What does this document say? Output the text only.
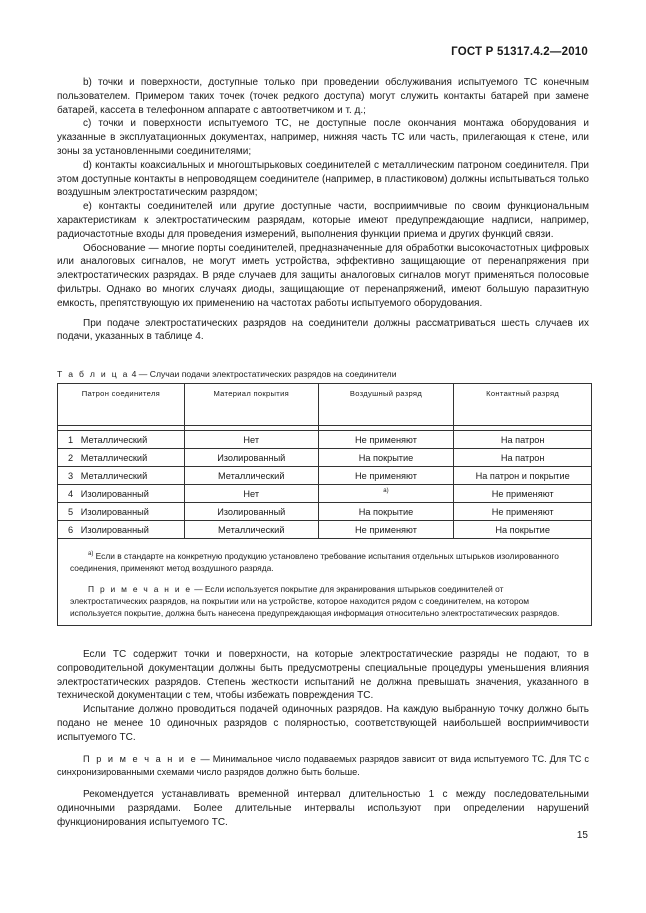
ГОСТ Р 51317.4.2—2010

b) точки и поверхности, доступные только при проведении обслуживания испытуемого ТС конечным пользователем. Примером таких точек (точек редкого доступа) могут служить контакты батарей при замене батарей, кассета в телефонном аппарате с автоответчиком и т. д.;

c) точки и поверхности испытуемого ТС, не доступные после окончания монтажа оборудования и указанные в эксплуатационных документах, например, нижняя часть ТС или часть, прилегающая к стене, или зоны за установленными соединителями;

d) контакты коаксиальных и многоштырьковых соединителей с металлическим патроном соединителя. При этом доступные контакты в непроводящем соединителе (например, в пластиковом) должны испытываться только воздушным электростатическим разрядом;

e) контакты соединителей или другие доступные части, восприимчивые по своим функциональным характеристикам к электростатическим разрядам, которые имеют предупреждающие надписи, например, радиочастотные входы для проведения измерений, выполнения функции приема и других функций связи.

Обоснование — многие порты соединителей, предназначенные для обработки высокочастотных цифровых или аналоговых сигналов, не могут иметь устройства, эффективно защищающие от перенапряжения при электростатических разрядах. В ряде случаев для защиты аналоговых сигналов могут применяться полосовые фильтры. Однако во многих случаях диоды, защищающие от перенапряжений, имеют большую паразитную емкость, препятствующую их применению на частотах работы испытуемого оборудования.

При подаче электростатических разрядов на соединители должны рассматриваться шесть случаев их подачи, указанных в таблице 4.

Т а б л и ц а 4 — Случаи подачи электростатических разрядов на соединители
Патрон соединителя	Материал покрытия	Воздушный разряд	Контактный разряд

1 Металлический	Нет	Не применяют	На патрон
2 Металлический	Изолированный	На покрытие	На патрон
3 Металлический	Металлический	Не применяют	На патрон и покрытие
4 Изолированный	Нет	$^{а)}$	Не применяют
5 Изолированный	Изолированный	На покрытие	Не применяют
6 Изолированный	Металлический	Не применяют	На покрытие

$^{а)}$ Если в стандарте на конкретную продукцию установлено требование испытания отдельных штырьков изолированного соединения, применяют метод воздушного разряда.

П р и м е ч а н и е — Если используется покрытие для экранирования штырьков соединителей от электростатических разрядов, на покрытии или на устройстве, которое находится рядом с соединителем, на котором используется покрытие, должна быть нанесена предупреждающая информация относительно электростатических разрядов.			

Если ТС содержит точки и поверхности, на которые электростатические разряды не подают, то в сопроводительной документации должны быть предусмотрены специальные процедуры уменьшения влияния электростатических разрядов. Степень жесткости испытаний не должна превышать значения, указанного в технической документации с тем, чтобы избежать повреждения ТС.

Испытание должно проводиться подачей одиночных разрядов. На каждую выбранную точку должно быть подано не менее 10 одиночных разрядов с полярностью, соответствующей наибольшей восприимчивости испытуемого ТС.

П р и м е ч а н и е — Минимальное число подаваемых разрядов зависит от вида испытуемого ТС. Для ТС с синхронизированными схемами число разрядов должно быть больше.

Рекомендуется устанавливать временной интервал длительностью 1 с между последовательными одиночными разрядами. Более длительные интервалы используют при определении нарушений функционирования испытуемого ТС.

15
